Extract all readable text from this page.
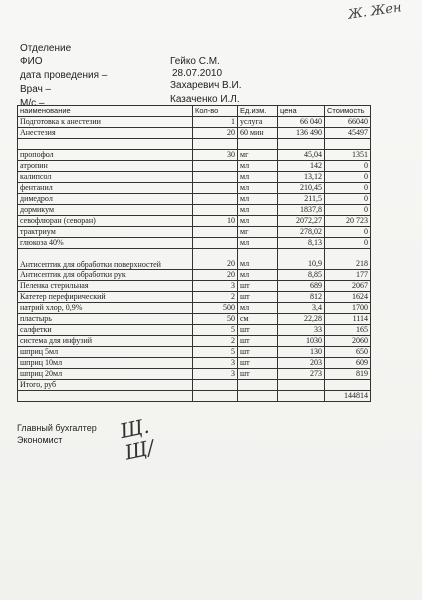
Ж. Жен
Отделение
ФИО	Гейко С.М.
дата проведения –	28.07.2010
Врач –	Захаревич В.И.
М/с –	Казаченко И.Л.
наименование	Кол-во	Ед.изм.	цена	Стоимость
Подготовка к анестезии	1	услуга	66 040	66040
Анестезия	20	60 мин	136 490	45497

пропофол	30	мг	45,04	1351
атропин		мл	142	0
калипсол		мл	13,12	0
фентанил		мл	210,45	0
димедрол		мл	211,5	0
дормикум		мл	1837,8	0
севофлюран (севоран)	10	мл	2072,27	20 723
трактриум		мг	278,02	0
глюкоза 40%		мл	8,13	0
Антисептик для обработки поверхностей	20	мл	10,9	218
Антисептик для обработки рук	20	мл	8,85	177
Пеленка стерильная	3	шт	689	2067
Катетер перефирический	2	шт	812	1624
натрий хлор, 0,9%	500	мл	3,4	1700
пластырь	50	см	22,28	1114
салфетки	5	шт	33	165
система для инфузий	2	шт	1030	2060
шприц 5мл	5	шт	130	650
шприц 10мл	3	шт	203	609
шприц 20мл	3	шт	273	819
Итого, руб				
				144814
Главный бухгалтер
Экономист	Щ. Щ/
